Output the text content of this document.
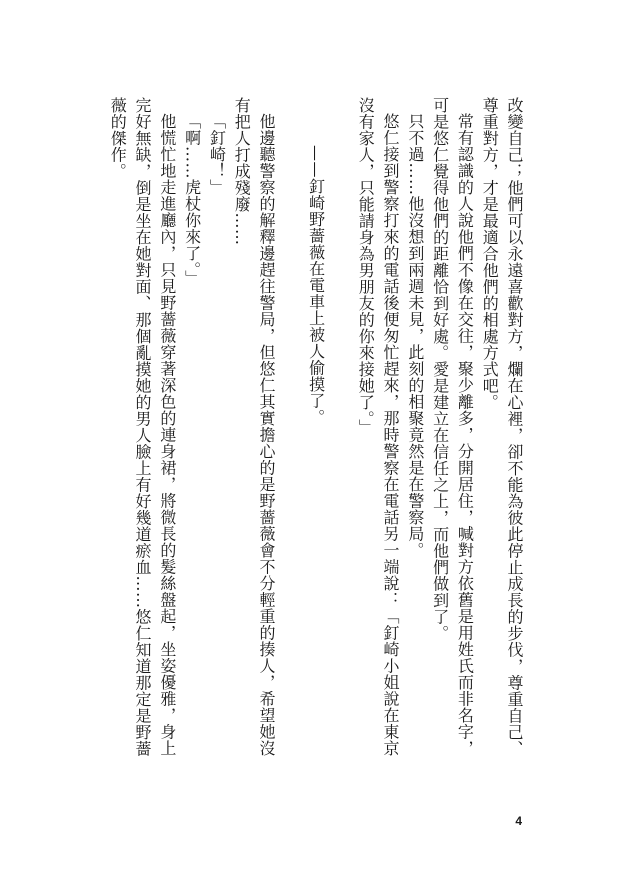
改變自己；他們可以永遠喜歡對方，爛在心裡，卻不能為彼此停止成長的步伐，尊重自己、尊重對方，才是最適合他們的相處方式吧。

常有認識的人說他們不像在交往，聚少離多，分開居住，喊對方依舊是用姓氏而非名字，可是悠仁覺得他們的距離恰到好處。愛是建立在信任之上，而他們做到了。

只不過……他沒想到兩週未見，此刻的相聚竟然是在警察局。

悠仁接到警察打來的電話後便匆忙趕來，那時警察在電話另一端說：「釘崎小姐說在東京沒有家人，只能請身為男朋友的你來接她了。」

——釘崎野薔薇在電車上被人偷摸了。

他邊聽警察的解釋邊趕往警局，但悠仁其實擔心的是野薔薇會不分輕重的揍人，希望她沒有把人打成殘廢……

「釘崎！」

「啊……虎杖你來了。」

他慌忙地走進廳內，只見野薔薇穿著深色的連身裙，將微長的髮絲盤起，坐姿優雅，身上完好無缺，倒是坐在她對面、那個亂摸她的男人臉上有好幾道瘀血……悠仁知道那定是野薔薇的傑作。

4
